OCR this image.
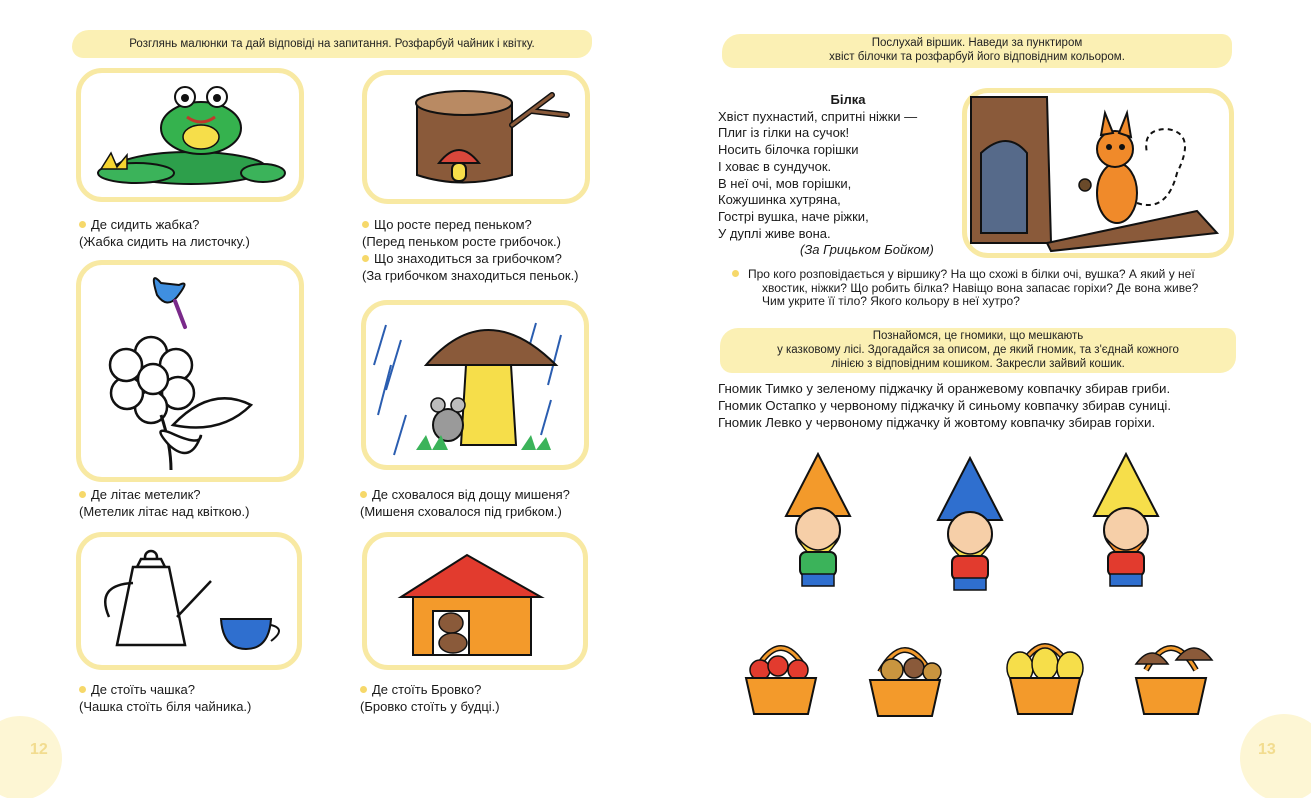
Розглянь малюнки та дай відповіді на запитання. Розфарбуй чайник і квітку.
Де сидить жабка?
(Жабка сидить на листочку.)
Що росте перед пеньком?
(Перед пеньком росте грибочок.)
Що знаходиться за грибочком?
(За грибочком знаходиться пеньок.)
Де літає метелик?
(Метелик літає над квіткою.)
Де сховалося від дощу мишеня?
(Мишеня сховалося під грибком.)
Де стоїть чашка?
(Чашка стоїть біля чайника.)
Де стоїть Бровко?
(Бровко стоїть у будці.)
12
Послухай віршик. Наведи за пунктиром
хвіст білочки та розфарбуй його відповідним кольором.
Білка
Хвіст пухнастий, спритні ніжки —
Плиг із гілки на сучок!
Носить білочка горішки
І ховає в сундучок.
В неї очі, мов горішки,
Кожушинка хутряна,
Гострі вушка, наче ріжки,
У дуплі живе вона.
(За Грицьком Бойком)
Про кого розповідається у віршику? На що схожі в білки очі, вушка? А який у неї
хвостик, ніжки? Що робить білка? Навіщо вона запасає горіхи? Де вона живе?
Чим укрите її тіло? Якого кольору в неї хутро?
Познайомся, це гномики, що мешкають
у казковому лісі. Здогадайся за описом, де який гномик, та з'єднай кожного
лінією з відповідним кошиком. Закресли зайвий кошик.
Гномик Тимко у зеленому піджачку й оранжевому ковпачку збирав гриби.
Гномик Остапко у червоному піджачку й синьому ковпачку збирав суниці.
Гномик Левко у червоному піджачку й жовтому ковпачку збирав горіхи.
13
